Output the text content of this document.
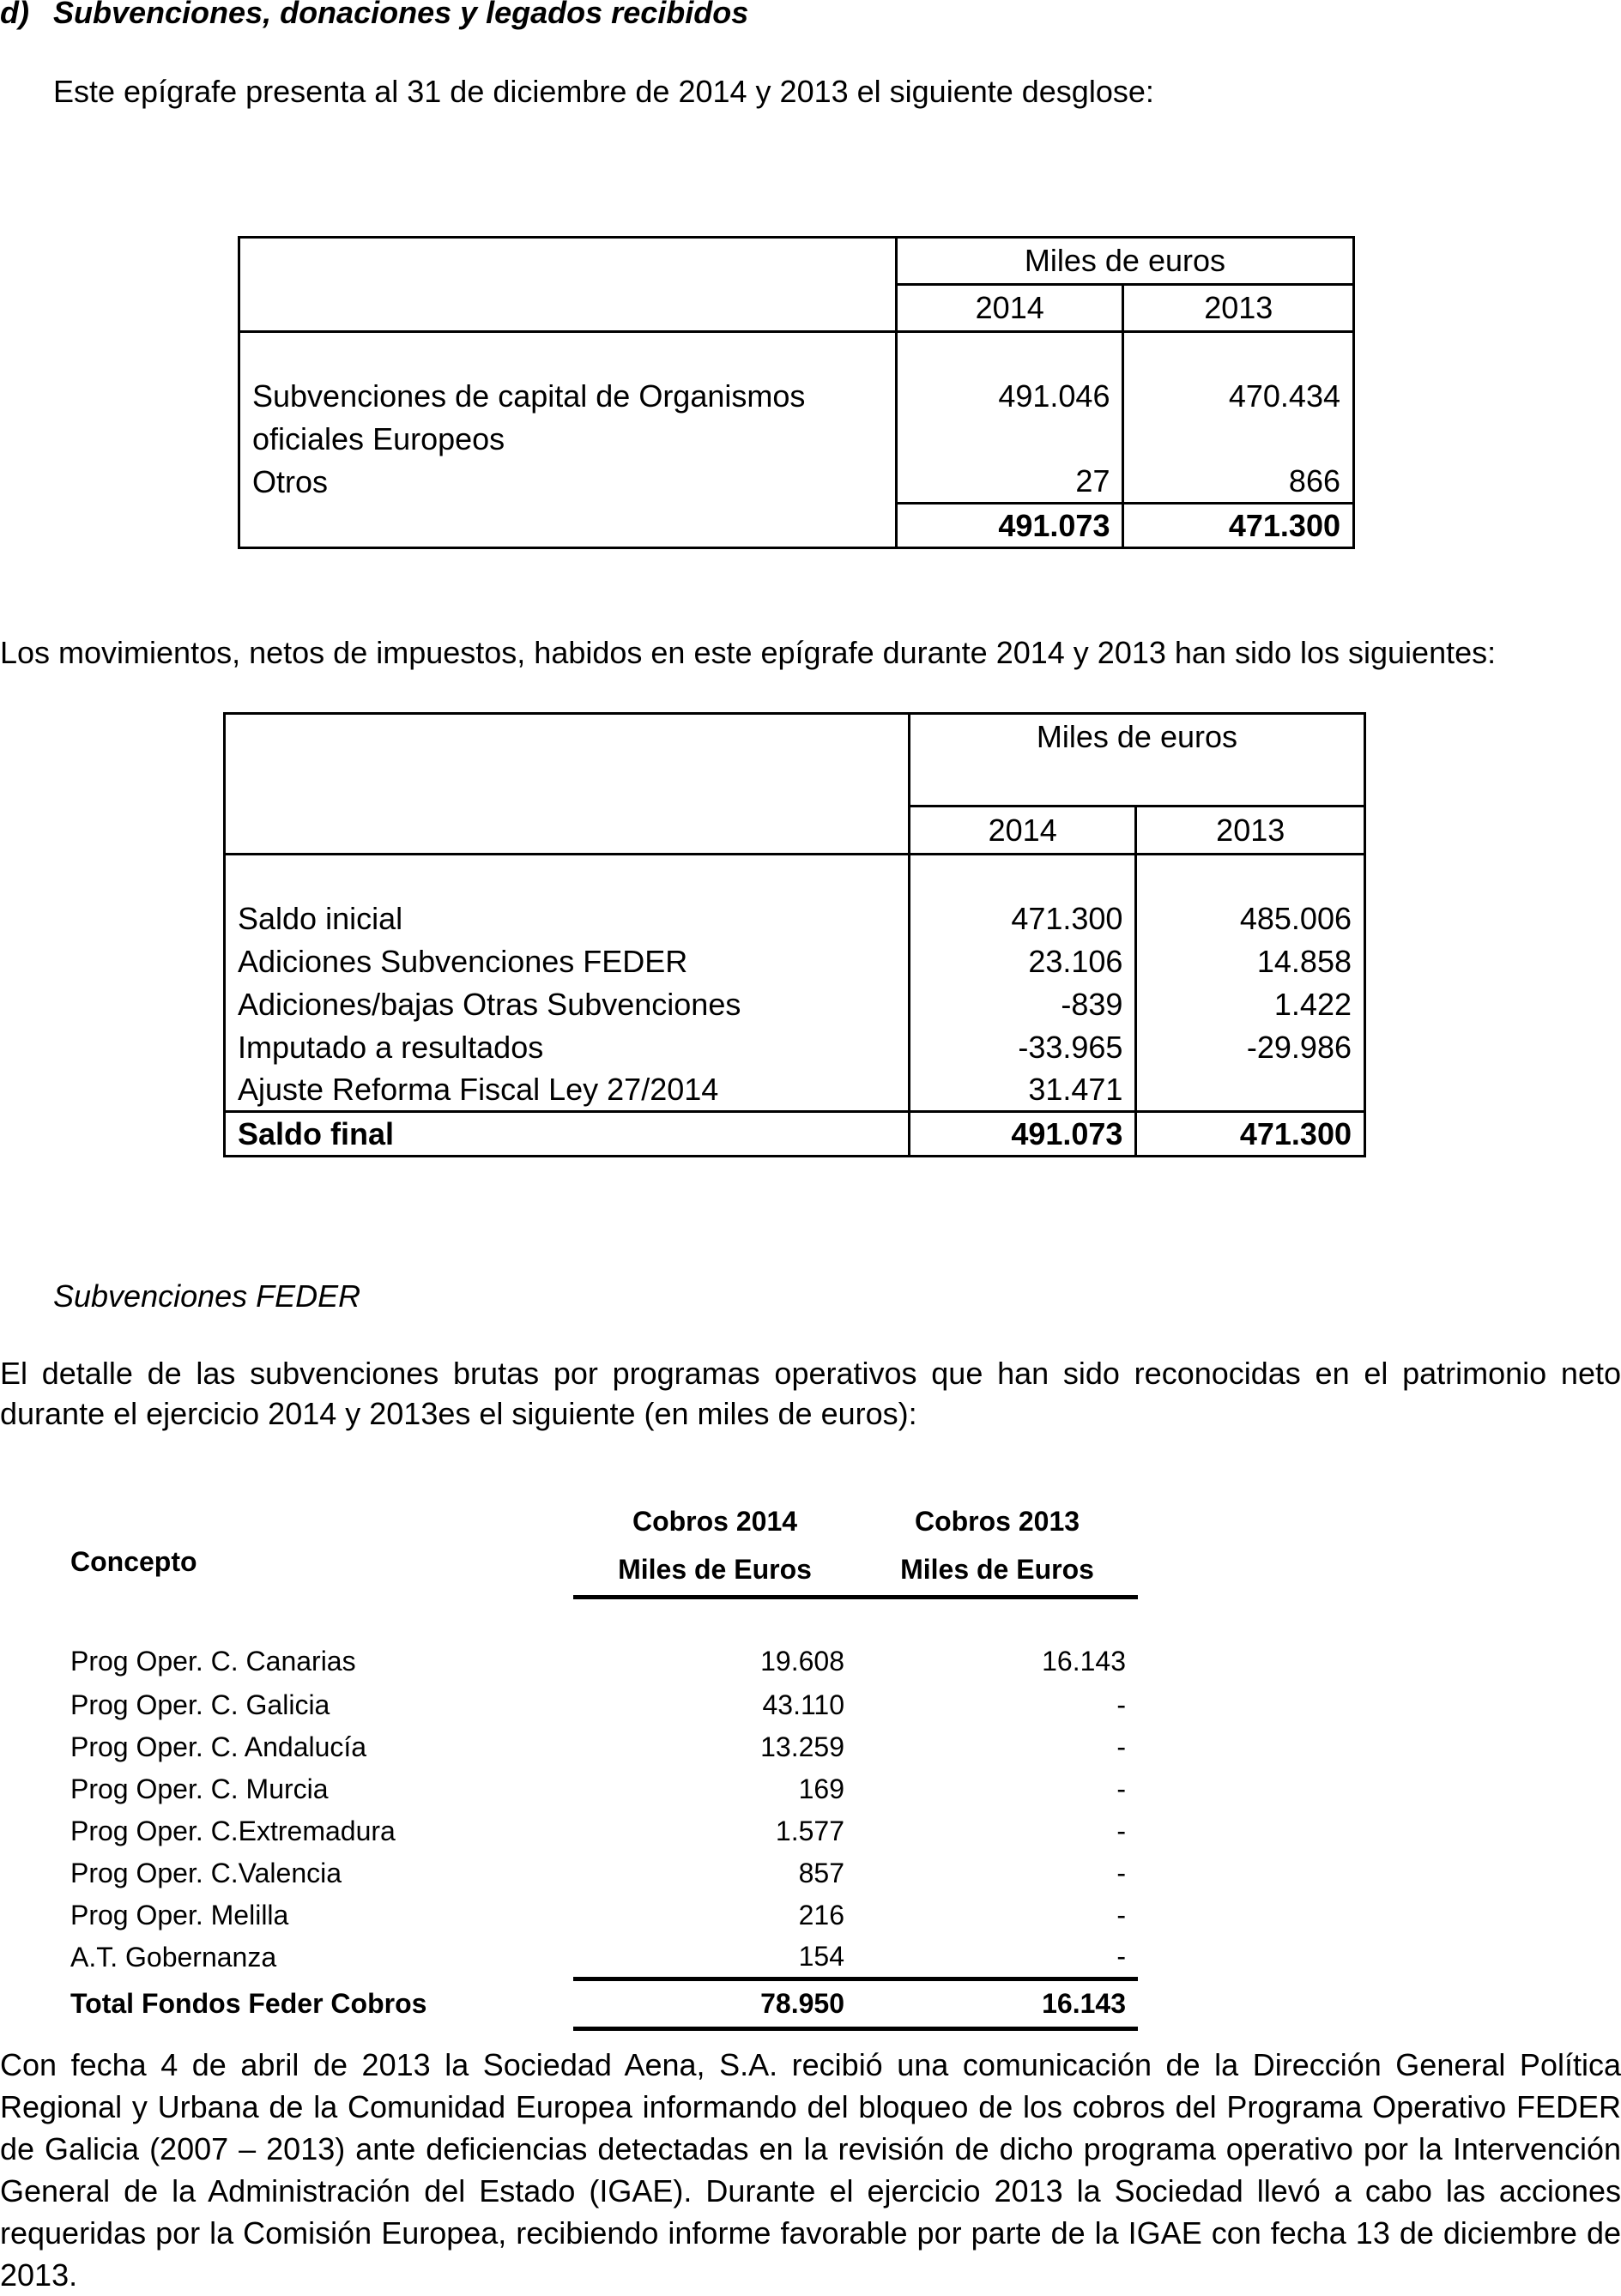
d) Subvenciones, donaciones y legados recibidos
Este epígrafe presenta al 31 de diciembre de 2014 y 2013 el siguiente desglose:
	Miles de euros	
	2014	2013

Subvenciones de capital de Organismos	491.046	470.434
oficiales Europeos		
Otros	27	866
	491.073	471.300
Los movimientos, netos de impuestos, habidos en este epígrafe durante 2014 y 2013 han sido los siguientes:
	Miles de euros	
	2014	2013

Saldo inicial	471.300	485.006
Adiciones Subvenciones FEDER	23.106	14.858
Adiciones/bajas Otras Subvenciones	-839	1.422
Imputado a resultados	-33.965	-29.986
Ajuste Reforma Fiscal Ley 27/2014	31.471	
Saldo final	491.073	471.300
Subvenciones FEDER
El detalle de las subvenciones brutas por programas operativos que han sido reconocidas en el patrimonio neto durante el ejercicio 2014 y 2013es el siguiente (en miles de euros):
	Cobros 2014	Cobros 2013
Concepto	Miles de Euros	Miles de Euros

Prog Oper. C. Canarias	19.608	16.143
Prog Oper. C. Galicia	43.110	-
Prog Oper. C. Andalucía	13.259	-
Prog Oper. C. Murcia	169	-
Prog Oper. C.Extremadura	1.577	-
Prog Oper. C.Valencia	857	-
Prog Oper. Melilla	216	-
A.T. Gobernanza	154	-
Total Fondos Feder Cobros	78.950	16.143
Con fecha 4 de abril de 2013 la Sociedad Aena, S.A. recibió una comunicación de la Dirección General Política Regional y Urbana de la Comunidad Europea informando del bloqueo de los cobros del Programa Operativo FEDER de Galicia (2007 – 2013) ante deficiencias detectadas en la revisión de dicho programa operativo por la Intervención General de la Administración del Estado (IGAE). Durante el ejercicio 2013 la Sociedad llevó a cabo las acciones requeridas por la Comisión Europea, recibiendo informe favorable por parte de la IGAE con fecha 13 de diciembre de 2013.
